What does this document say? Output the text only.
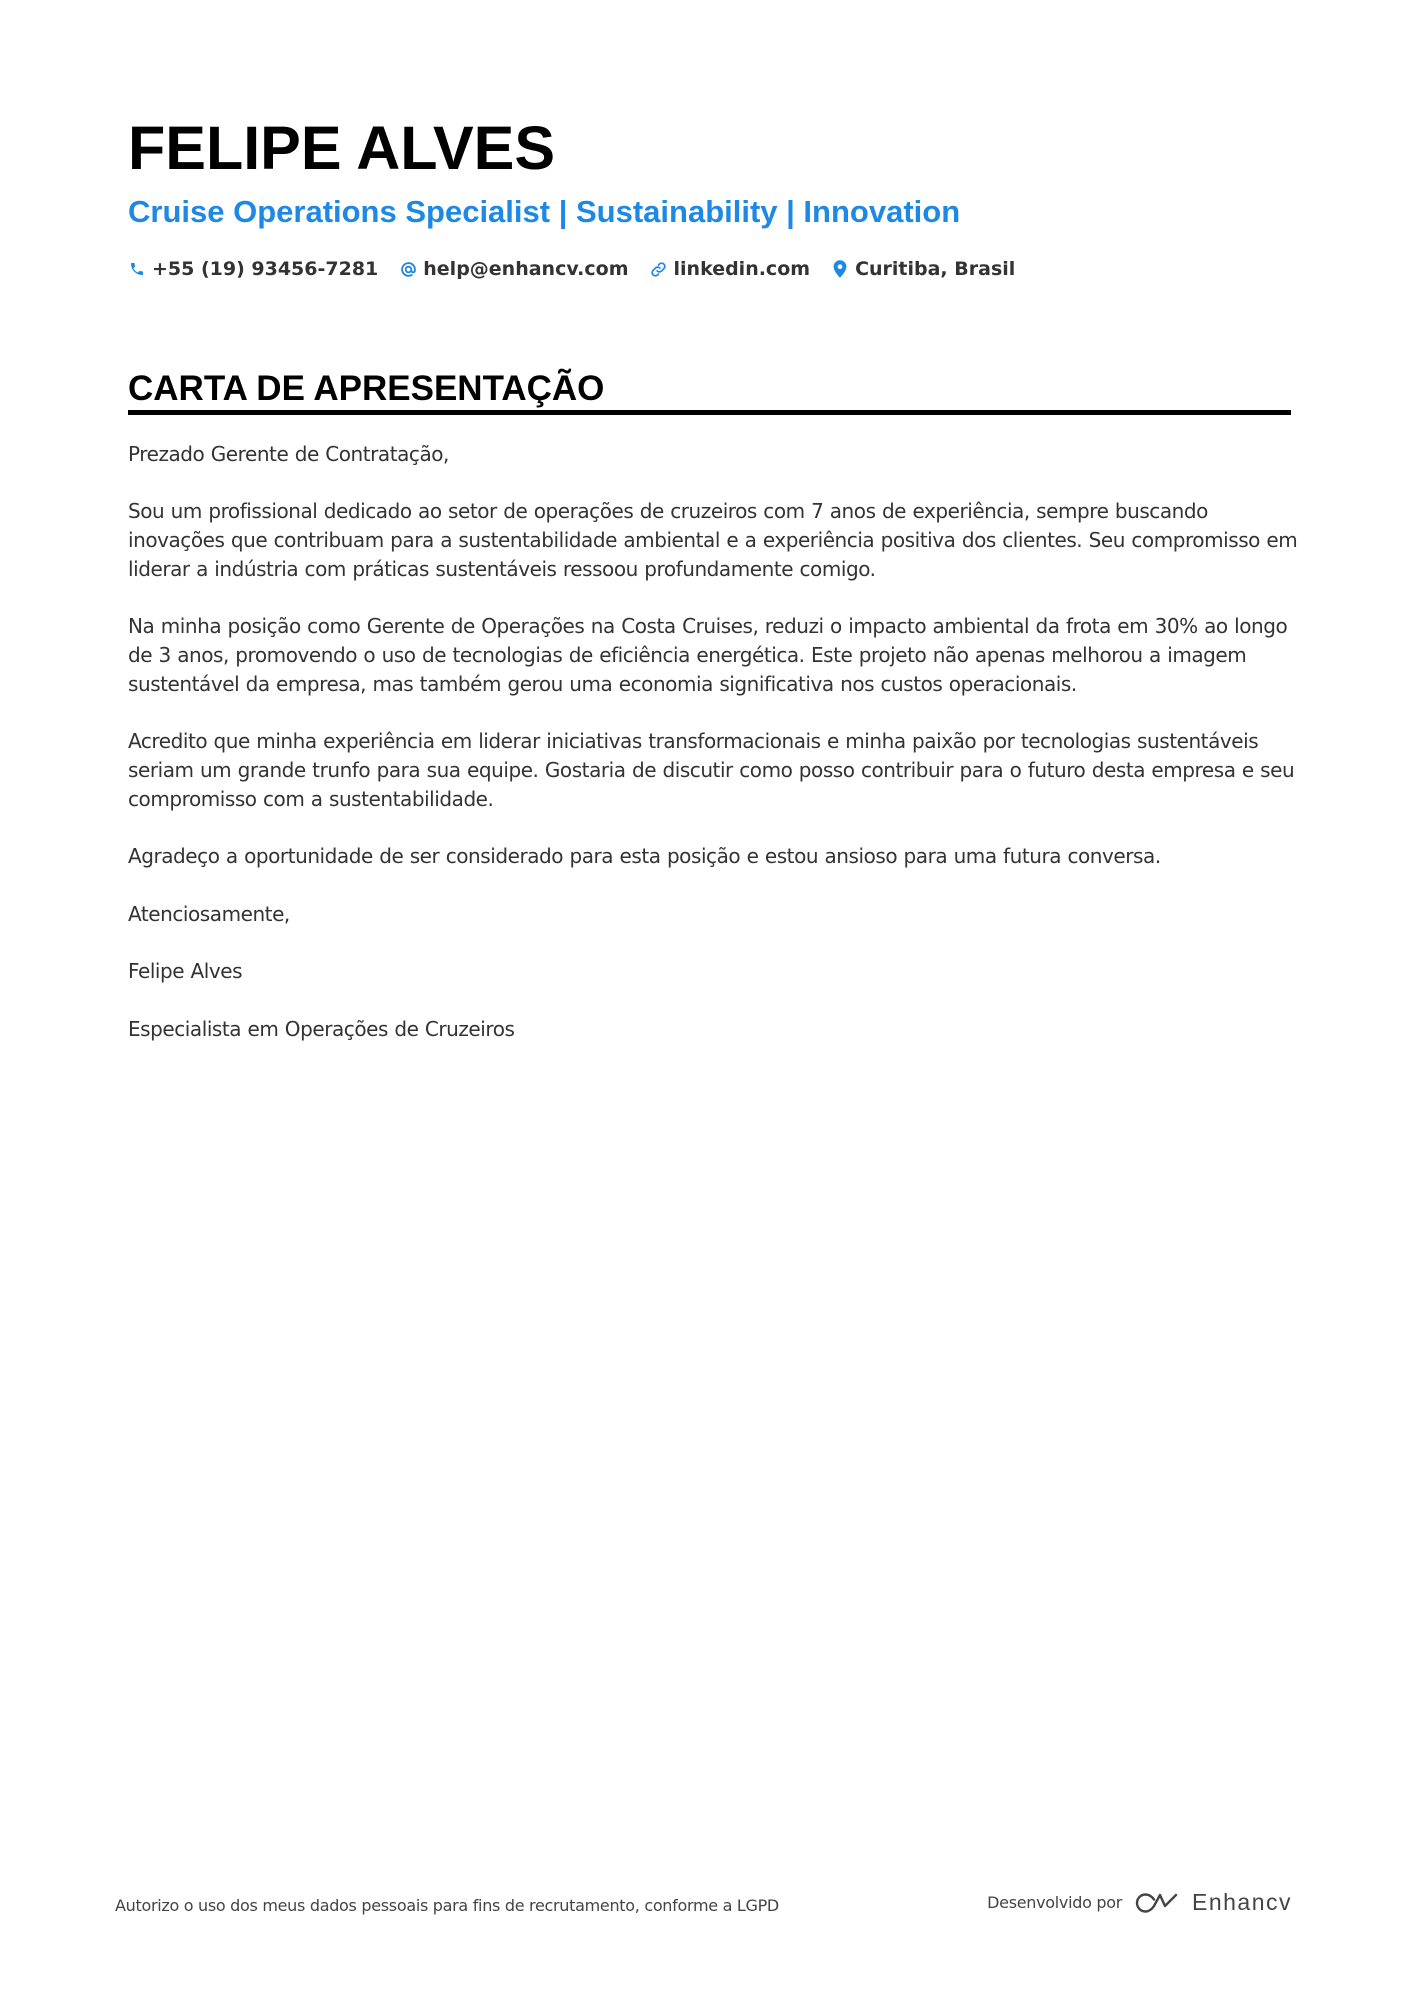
FELIPE ALVES
Cruise Operations Specialist | Sustainability | Innovation
+55 (19) 93456-7281 help@enhancv.com linkedin.com Curitiba, Brasil
CARTA DE APRESENTAÇÃO

Prezado Gerente de Contratação,

Sou um profissional dedicado ao setor de operações de cruzeiros com 7 anos de experiência, sempre buscando inovações que contribuam para a sustentabilidade ambiental e a experiência positiva dos clientes. Seu compromisso em liderar a indústria com práticas sustentáveis ressoou profundamente comigo.

Na minha posição como Gerente de Operações na Costa Cruises, reduzi o impacto ambiental da frota em 30% ao longo de 3 anos, promovendo o uso de tecnologias de eficiência energética. Este projeto não apenas melhorou a imagem sustentável da empresa, mas também gerou uma economia significativa nos custos operacionais.

Acredito que minha experiência em liderar iniciativas transformacionais e minha paixão por tecnologias sustentáveis seriam um grande trunfo para sua equipe. Gostaria de discutir como posso contribuir para o futuro desta empresa e seu compromisso com a sustentabilidade.

Agradeço a oportunidade de ser considerado para esta posição e estou ansioso para uma futura conversa.

Atenciosamente,

Felipe Alves

Especialista em Operações de Cruzeiros

Autorizo o uso dos meus dados pessoais para fins de recrutamento, conforme a LGPD	Desenvolvido por	Enhancv
